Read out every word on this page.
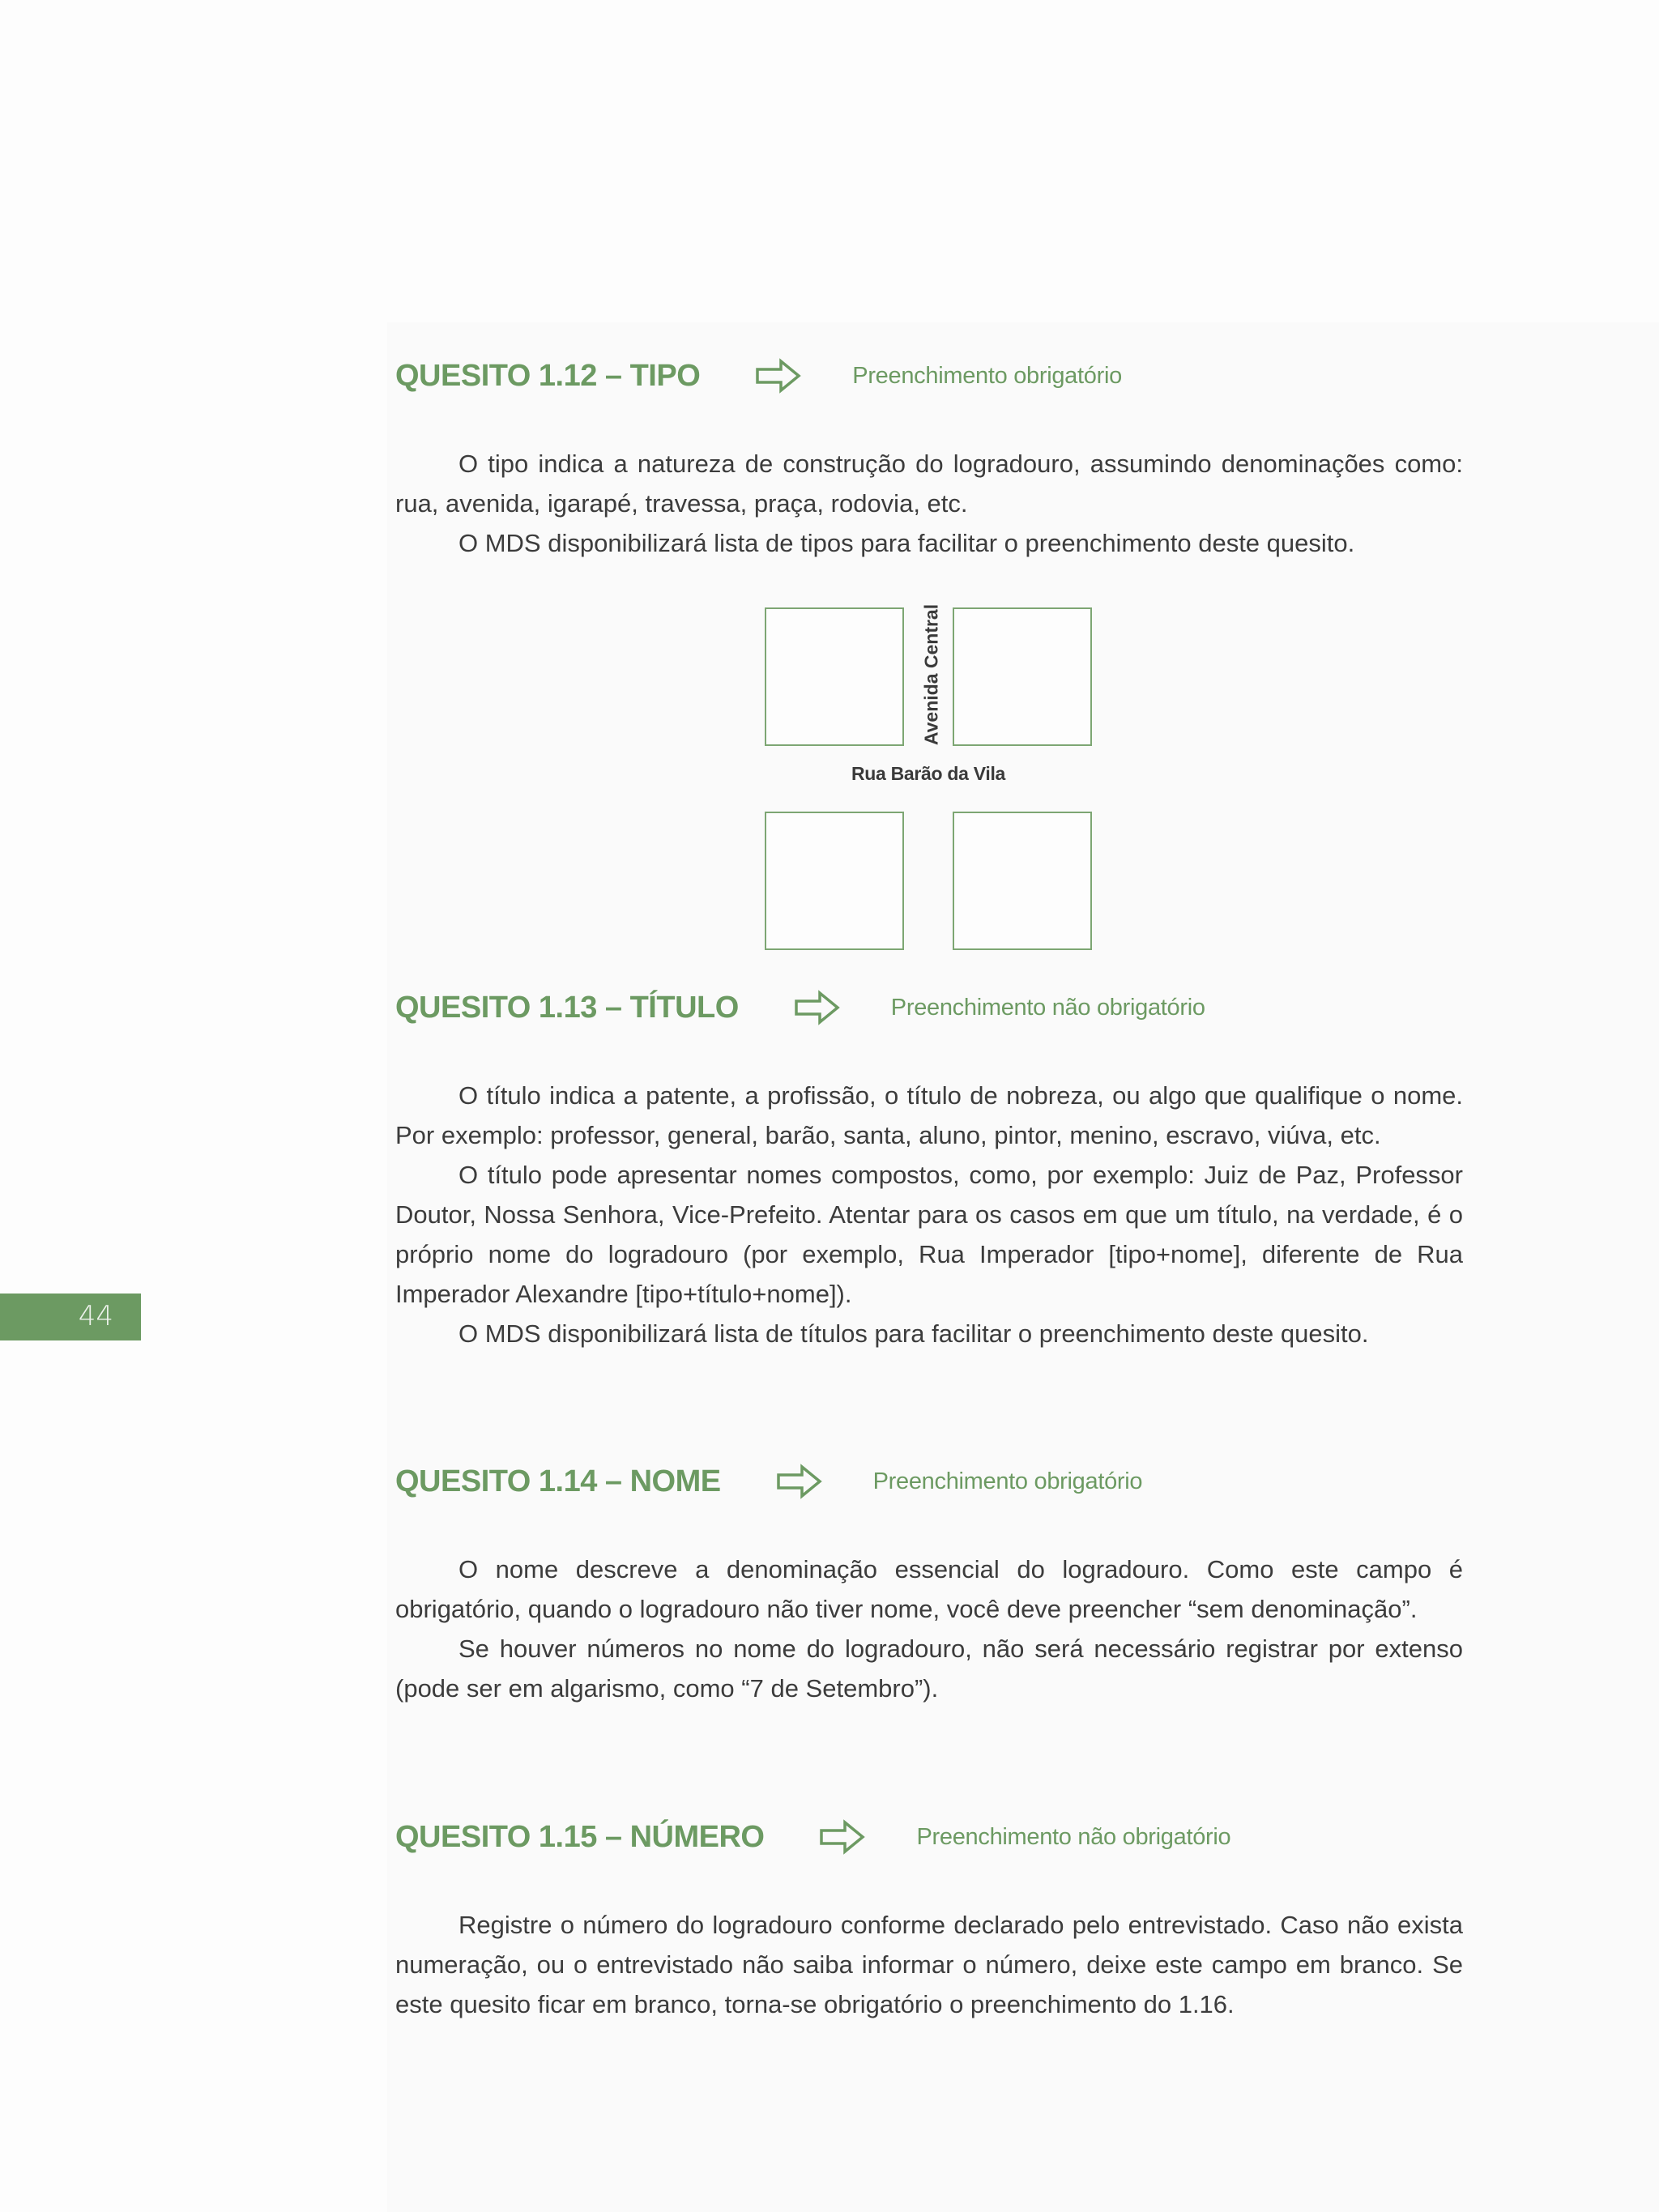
QUESITO 1.12 – TIPO	Preenchimento obrigatório

O tipo indica a natureza de construção do logradouro, assumindo denominações como: rua, avenida, igarapé, travessa, praça, rodovia, etc.

O MDS disponibilizará lista de tipos para facilitar o preenchimento deste quesito.

Avenida Central
Rua Barão da Vila
QUESITO 1.13 – TÍTULO	Preenchimento não obrigatório

O título indica a patente, a profissão, o título de nobreza, ou algo que qualifique o nome. Por exemplo: professor, general, barão, santa, aluno, pintor, menino, escravo, viúva, etc.

O título pode apresentar nomes compostos, como, por exemplo: Juiz de Paz, Professor Doutor, Nossa Senhora, Vice-Prefeito. Atentar para os casos em que um título, na verdade, é o próprio nome do logradouro (por exemplo, Rua Imperador [tipo+nome], diferente de Rua Imperador Alexandre [tipo+título+nome]).

O MDS disponibilizará lista de títulos para facilitar o preenchimento deste quesito.

44
QUESITO 1.14 – NOME	Preenchimento obrigatório

O nome descreve a denominação essencial do logradouro. Como este campo é obrigatório, quando o logradouro não tiver nome, você deve preencher “sem denominação”.

Se houver números no nome do logradouro, não será necessário registrar por extenso (pode ser em algarismo, como “7 de Setembro”).

QUESITO 1.15 – NÚMERO	Preenchimento não obrigatório

Registre o número do logradouro conforme declarado pelo entrevistado. Caso não exista numeração, ou o entrevistado não saiba informar o número, deixe este campo em branco. Se este quesito ficar em branco, torna-se obrigatório o preenchimento do 1.16.
